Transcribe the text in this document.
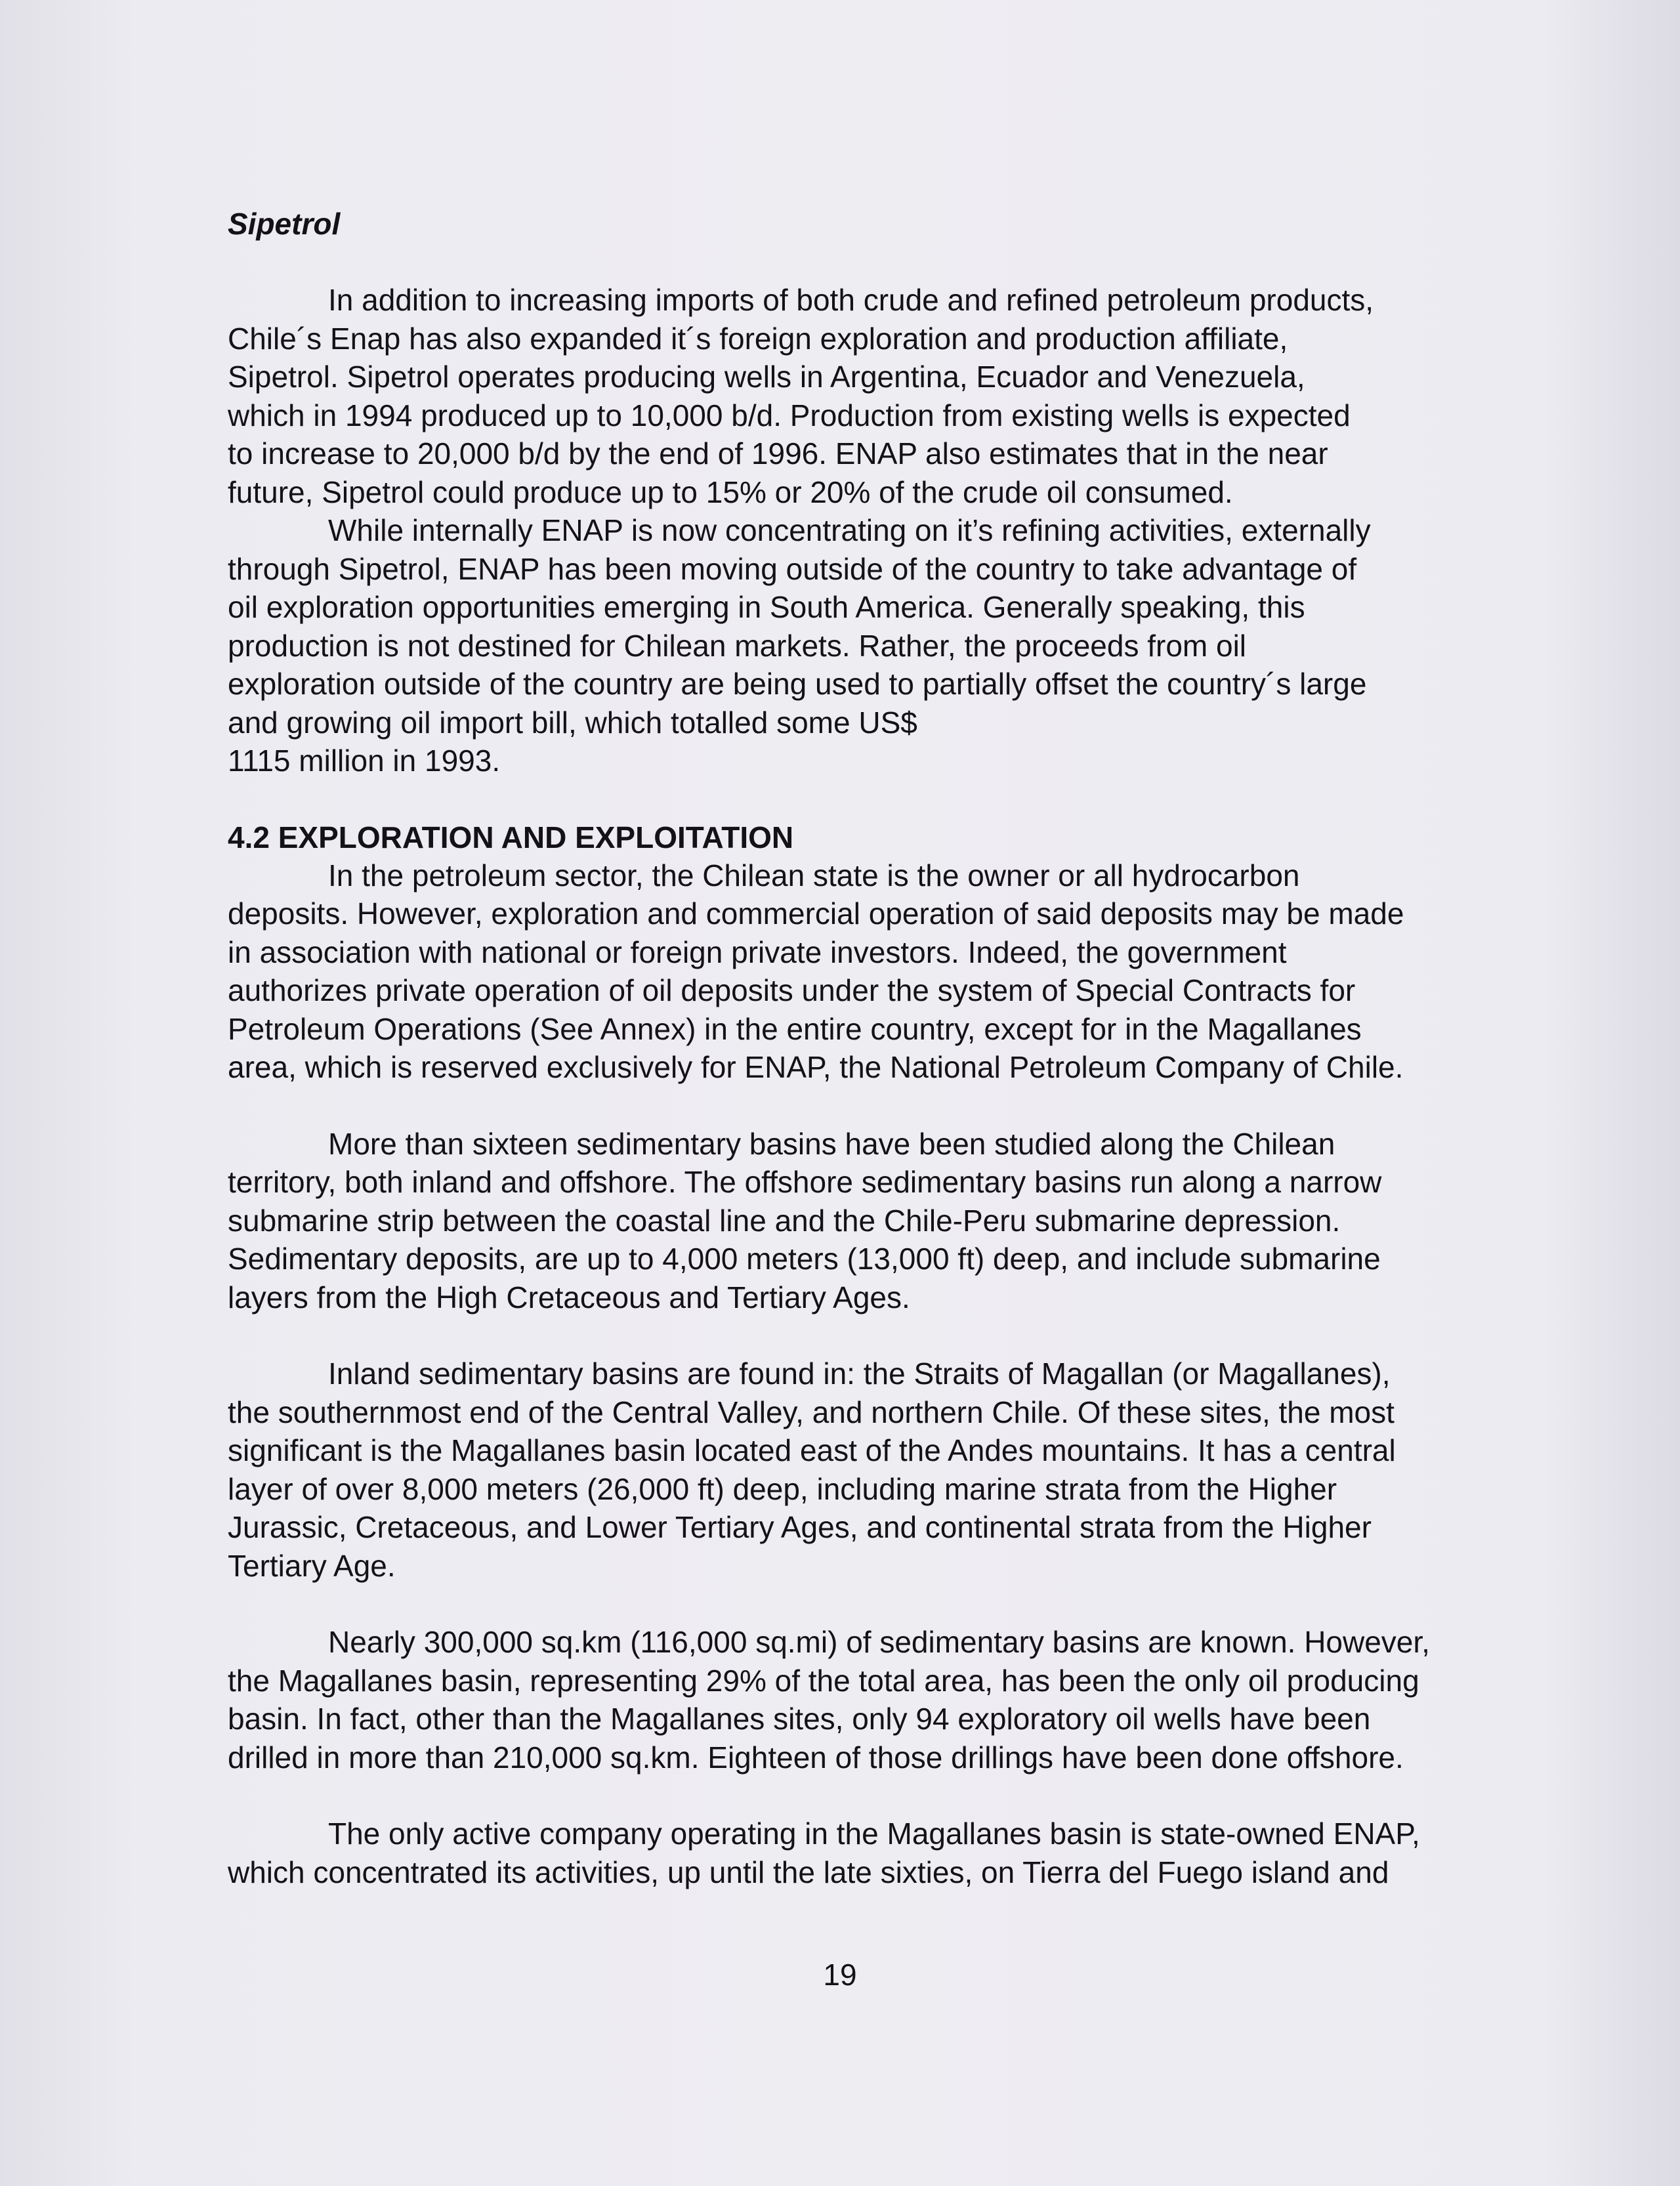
Sipetrol
In addition to increasing imports of both crude and refined petroleum products,
Chile´s Enap has also expanded it´s foreign exploration and production affiliate,
Sipetrol. Sipetrol operates producing wells in Argentina, Ecuador and Venezuela,
which in 1994 produced up to 10,000 b/d. Production from existing wells is expected
to increase to 20,000 b/d by the end of 1996. ENAP also estimates that in the near
future, Sipetrol could produce up to 15% or 20% of the crude oil consumed.
While internally ENAP is now concentrating on it’s refining activities, externally
through Sipetrol, ENAP has been moving outside of the country to take advantage of
oil exploration opportunities emerging in South America. Generally speaking, this
production is not destined for Chilean markets. Rather, the proceeds from oil
exploration outside of the country are being used to partially offset the country´s large
and growing oil import bill, which totalled some US$
1115 million in 1993.
4.2 EXPLORATION AND EXPLOITATION
In the petroleum sector, the Chilean state is the owner or all hydrocarbon
deposits. However, exploration and commercial operation of said deposits may be made
in association with national or foreign private investors. Indeed, the government
authorizes private operation of oil deposits under the system of Special Contracts for
Petroleum Operations (See Annex) in the entire country, except for in the Magallanes
area, which is reserved exclusively for ENAP, the National Petroleum Company of Chile.
More than sixteen sedimentary basins have been studied along the Chilean
territory, both inland and offshore. The offshore sedimentary basins run along a narrow
submarine strip between the coastal line and the Chile-Peru submarine depression.
Sedimentary deposits, are up to 4,000 meters (13,000 ft) deep, and include submarine
layers from the High Cretaceous and Tertiary Ages.
Inland sedimentary basins are found in: the Straits of Magallan (or Magallanes),
the southernmost end of the Central Valley, and northern Chile. Of these sites, the most
significant is the Magallanes basin located east of the Andes mountains. It has a central
layer of over 8,000 meters (26,000 ft) deep, including marine strata from the Higher
Jurassic, Cretaceous, and Lower Tertiary Ages, and continental strata from the Higher
Tertiary Age.
Nearly 300,000 sq.km (116,000 sq.mi) of sedimentary basins are known. However,
the Magallanes basin, representing 29% of the total area, has been the only oil producing
basin. In fact, other than the Magallanes sites, only 94 exploratory oil wells have been
drilled in more than 210,000 sq.km. Eighteen of those drillings have been done offshore.
The only active company operating in the Magallanes basin is state-owned ENAP,
which concentrated its activities, up until the late sixties, on Tierra del Fuego island and
19
